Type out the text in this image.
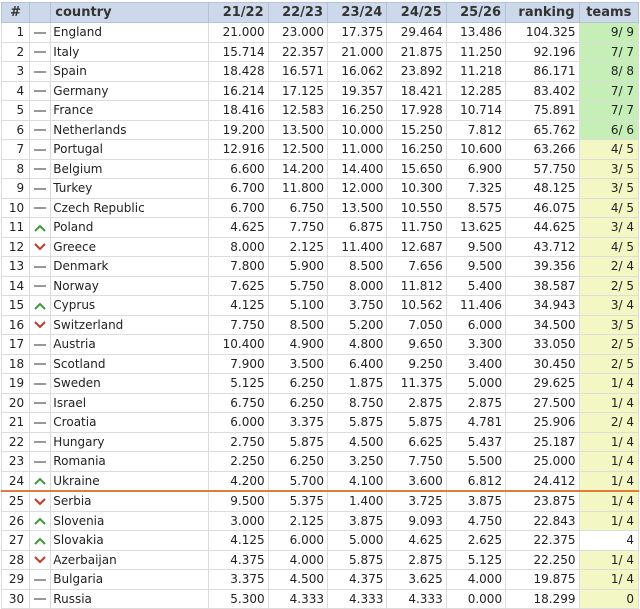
#		country	21/22	22/23	23/24	24/25	25/26	ranking	teams
1		England	21.000	23.000	17.375	29.464	13.486	104.325	9/ 9
2		Italy	15.714	22.357	21.000	21.875	11.250	92.196	7/ 7
3		Spain	18.428	16.571	16.062	23.892	11.218	86.171	8/ 8
4		Germany	16.214	17.125	19.357	18.421	12.285	83.402	7/ 7
5		France	18.416	12.583	16.250	17.928	10.714	75.891	7/ 7
6		Netherlands	19.200	13.500	10.000	15.250	7.812	65.762	6/ 6
7		Portugal	12.916	12.500	11.000	16.250	10.600	63.266	4/ 5
8		Belgium	6.600	14.200	14.400	15.650	6.900	57.750	3/ 5
9		Turkey	6.700	11.800	12.000	10.300	7.325	48.125	3/ 5
10		Czech Republic	6.700	6.750	13.500	10.550	8.575	46.075	4/ 5
11		Poland	4.625	7.750	6.875	11.750	13.625	44.625	3/ 4
12		Greece	8.000	2.125	11.400	12.687	9.500	43.712	4/ 5
13		Denmark	7.800	5.900	8.500	7.656	9.500	39.356	2/ 4
14		Norway	7.625	5.750	8.000	11.812	5.400	38.587	2/ 5
15		Cyprus	4.125	5.100	3.750	10.562	11.406	34.943	3/ 4
16		Switzerland	7.750	8.500	5.200	7.050	6.000	34.500	3/ 5
17		Austria	10.400	4.900	4.800	9.650	3.300	33.050	2/ 5
18		Scotland	7.900	3.500	6.400	9.250	3.400	30.450	2/ 5
19		Sweden	5.125	6.250	1.875	11.375	5.000	29.625	1/ 4
20		Israel	6.750	6.250	8.750	2.875	2.875	27.500	1/ 4
21		Croatia	6.000	3.375	5.875	5.875	4.781	25.906	2/ 4
22		Hungary	2.750	5.875	4.500	6.625	5.437	25.187	1/ 4
23		Romania	2.250	6.250	3.250	7.750	5.500	25.000	1/ 4
24		Ukraine	4.200	5.700	4.100	3.600	6.812	24.412	1/ 4
25		Serbia	9.500	5.375	1.400	3.725	3.875	23.875	1/ 4
26		Slovenia	3.000	2.125	3.875	9.093	4.750	22.843	1/ 4
27		Slovakia	4.125	6.000	5.000	4.625	2.625	22.375	4
28		Azerbaijan	4.375	4.000	5.875	2.875	5.125	22.250	1/ 4
29		Bulgaria	3.375	4.500	4.375	3.625	4.000	19.875	1/ 4
30		Russia	5.300	4.333	4.333	4.333	0.000	18.299	0
